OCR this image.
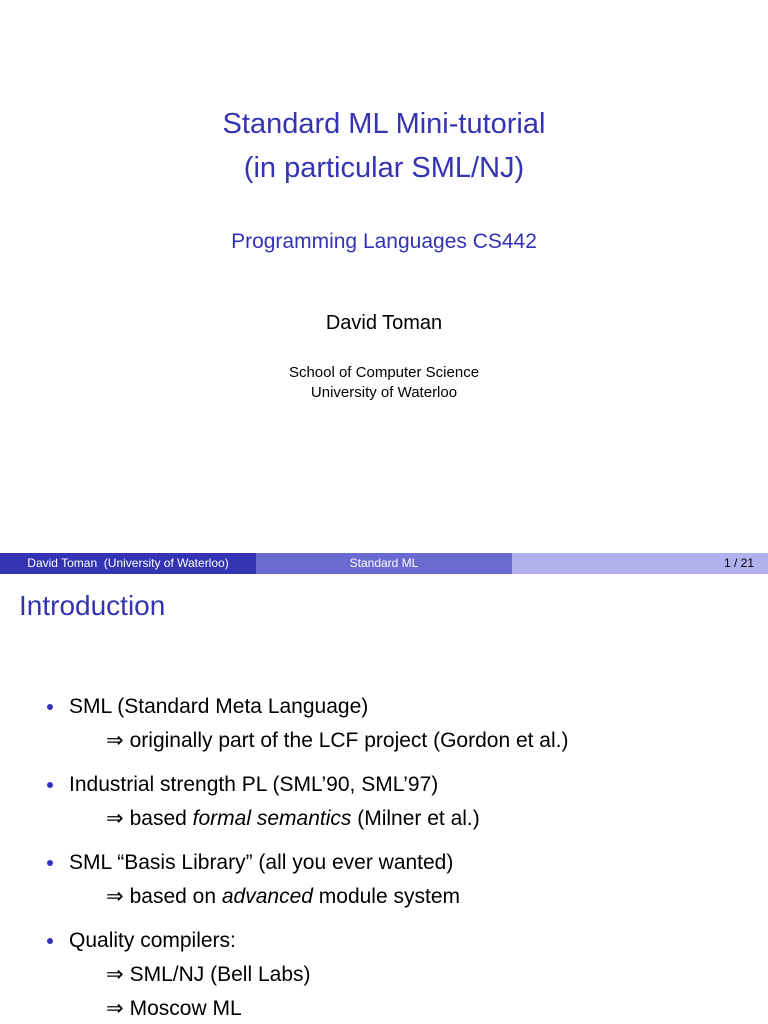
Standard ML Mini-tutorial
(in particular SML/NJ)
Programming Languages CS442
David Toman
School of Computer Science
University of Waterloo
David Toman  (University of Waterloo)	Standard ML	1 / 21
Introduction
SML (Standard Meta Language)
⇒ originally part of the LCF project (Gordon et al.)
Industrial strength PL (SML’90, SML’97)
⇒ based formal semantics (Milner et al.)
SML “Basis Library” (all you ever wanted)
⇒ based on advanced module system
Quality compilers:
⇒ SML/NJ (Bell Labs)
⇒ Moscow ML
